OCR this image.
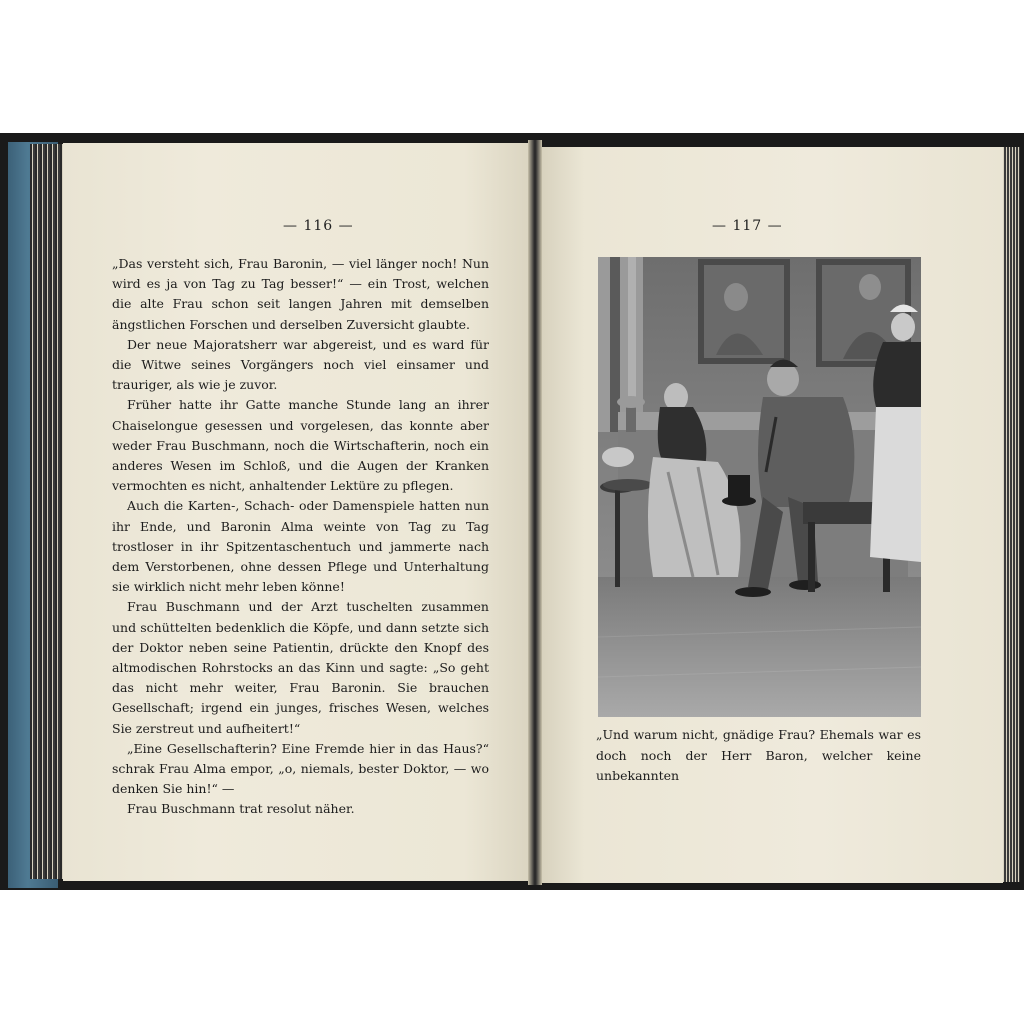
— 116 —

„Das versteht sich, Frau Baronin, — viel länger noch! Nun wird es ja von Tag zu Tag besser!“ — ein Trost, welchen die alte Frau schon seit langen Jahren mit demselben ängstlichen Forschen und derselben Zuversicht glaubte.

Der neue Majoratsherr war abgereist, und es ward für die Witwe seines Vorgängers noch viel einsamer und trauriger, als wie je zuvor.

Früher hatte ihr Gatte manche Stunde lang an ihrer Chaiselongue gesessen und vorgelesen, das konnte aber weder Frau Buschmann, noch die Wirtschafterin, noch ein anderes Wesen im Schloß, und die Augen der Kranken vermochten es nicht, anhaltender Lektüre zu pflegen.

Auch die Karten-, Schach- oder Damenspiele hatten nun ihr Ende, und Baronin Alma weinte von Tag zu Tag trostloser in ihr Spitzentaschentuch und jammerte nach dem Verstorbenen, ohne dessen Pflege und Unterhaltung sie wirklich nicht mehr leben könne!

Frau Buschmann und der Arzt tuschelten zusammen und schüttelten bedenklich die Köpfe, und dann setzte sich der Doktor neben seine Patientin, drückte den Knopf des altmodischen Rohrstocks an das Kinn und sagte: „So geht das nicht mehr weiter, Frau Baronin. Sie brauchen Gesellschaft; irgend ein junges, frisches Wesen, welches Sie zerstreut und aufheitert!“

„Eine Gesellschafterin? Eine Fremde hier in das Haus?“ schrak Frau Alma empor, „o, niemals, bester Doktor, — wo denken Sie hin!“ —

Frau Buschmann trat resolut näher.

— 117 —

„Und warum nicht, gnädige Frau? Ehemals war es doch noch der Herr Baron, welcher keine unbekannten
